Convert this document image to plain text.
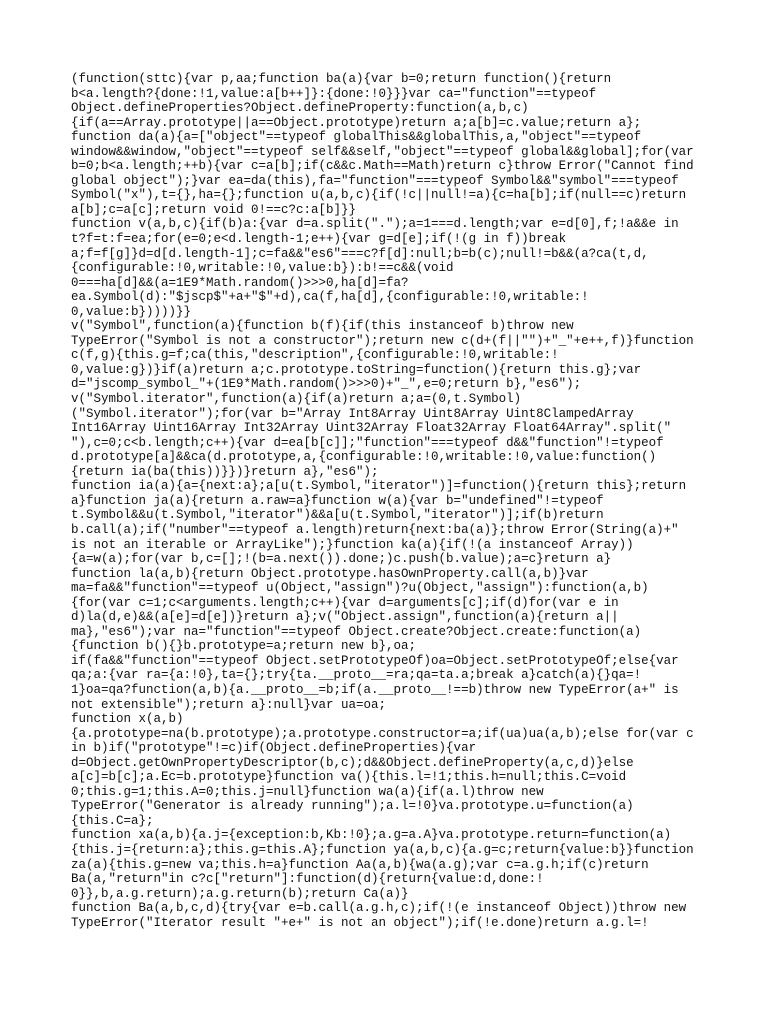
(function(sttc){var p,aa;function ba(a){var b=0;return function(){return
b<a.length?{done:!1,value:a[b++]}:{done:!0}}}var ca="function"==typeof
Object.defineProperties?Object.defineProperty:function(a,b,c)
{if(a==Array.prototype||a==Object.prototype)return a;a[b]=c.value;return a};
function da(a){a=["object"==typeof globalThis&&globalThis,a,"object"==typeof
window&&window,"object"==typeof self&&self,"object"==typeof global&&global];for(var
b=0;b<a.length;++b){var c=a[b];if(c&&c.Math==Math)return c}throw Error("Cannot find
global object");}var ea=da(this),fa="function"===typeof Symbol&&"symbol"===typeof
Symbol("x"),t={},ha={};function u(a,b,c){if(!c||null!=a){c=ha[b];if(null==c)return
a[b];c=a[c];return void 0!==c?c:a[b]}}
function v(a,b,c){if(b)a:{var d=a.split(".");a=1===d.length;var e=d[0],f;!a&&e in
t?f=t:f=ea;for(e=0;e<d.length-1;e++){var g=d[e];if(!(g in f))break
a;f=f[g]}d=d[d.length-1];c=fa&&"es6"===c?f[d]:null;b=b(c);null!=b&&(a?ca(t,d,
{configurable:!0,writable:!0,value:b}):b!==c&&(void
0===ha[d]&&(a=1E9*Math.random()>>>0,ha[d]=fa?
ea.Symbol(d):"$jscp$"+a+"$"+d),ca(f,ha[d],{configurable:!0,writable:!
0,value:b}))))}}
v("Symbol",function(a){function b(f){if(this instanceof b)throw new
TypeError("Symbol is not a constructor");return new c(d+(f||"")+"_"+e++,f)}function
c(f,g){this.g=f;ca(this,"description",{configurable:!0,writable:!
0,value:g})}if(a)return a;c.prototype.toString=function(){return this.g};var
d="jscomp_symbol_"+(1E9*Math.random()>>>0)+"_",e=0;return b},"es6");
v("Symbol.iterator",function(a){if(a)return a;a=(0,t.Symbol)
("Symbol.iterator");for(var b="Array Int8Array Uint8Array Uint8ClampedArray
Int16Array Uint16Array Int32Array Uint32Array Float32Array Float64Array".split("
"),c=0;c<b.length;c++){var d=ea[b[c]];"function"===typeof d&&"function"!=typeof
d.prototype[a]&&ca(d.prototype,a,{configurable:!0,writable:!0,value:function()
{return ia(ba(this))}})}return a},"es6");
function ia(a){a={next:a};a[u(t.Symbol,"iterator")]=function(){return this};return
a}function ja(a){return a.raw=a}function w(a){var b="undefined"!=typeof
t.Symbol&&u(t.Symbol,"iterator")&&a[u(t.Symbol,"iterator")];if(b)return
b.call(a);if("number"==typeof a.length)return{next:ba(a)};throw Error(String(a)+"
is not an iterable or ArrayLike");}function ka(a){if(!(a instanceof Array))
{a=w(a);for(var b,c=[];!(b=a.next()).done;)c.push(b.value);a=c}return a}
function la(a,b){return Object.prototype.hasOwnProperty.call(a,b)}var
ma=fa&&"function"==typeof u(Object,"assign")?u(Object,"assign"):function(a,b)
{for(var c=1;c<arguments.length;c++){var d=arguments[c];if(d)for(var e in
d)la(d,e)&&(a[e]=d[e])}return a};v("Object.assign",function(a){return a||
ma},"es6");var na="function"==typeof Object.create?Object.create:function(a)
{function b(){}b.prototype=a;return new b},oa;
if(fa&&"function"==typeof Object.setPrototypeOf)oa=Object.setPrototypeOf;else{var
qa;a:{var ra={a:!0},ta={};try{ta.__proto__=ra;qa=ta.a;break a}catch(a){}qa=!
1}oa=qa?function(a,b){a.__proto__=b;if(a.__proto__!==b)throw new TypeError(a+" is
not extensible");return a}:null}var ua=oa;
function x(a,b)
{a.prototype=na(b.prototype);a.prototype.constructor=a;if(ua)ua(a,b);else for(var c
in b)if("prototype"!=c)if(Object.defineProperties){var
d=Object.getOwnPropertyDescriptor(b,c);d&&Object.defineProperty(a,c,d)}else
a[c]=b[c];a.Ec=b.prototype}function va(){this.l=!1;this.h=null;this.C=void
0;this.g=1;this.A=0;this.j=null}function wa(a){if(a.l)throw new
TypeError("Generator is already running");a.l=!0}va.prototype.u=function(a)
{this.C=a};
function xa(a,b){a.j={exception:b,Kb:!0};a.g=a.A}va.prototype.return=function(a)
{this.j={return:a};this.g=this.A};function ya(a,b,c){a.g=c;return{value:b}}function
za(a){this.g=new va;this.h=a}function Aa(a,b){wa(a.g);var c=a.g.h;if(c)return
Ba(a,"return"in c?c["return"]:function(d){return{value:d,done:!
0}},b,a.g.return);a.g.return(b);return Ca(a)}
function Ba(a,b,c,d){try{var e=b.call(a.g.h,c);if(!(e instanceof Object))throw new
TypeError("Iterator result "+e+" is not an object");if(!e.done)return a.g.l=!
